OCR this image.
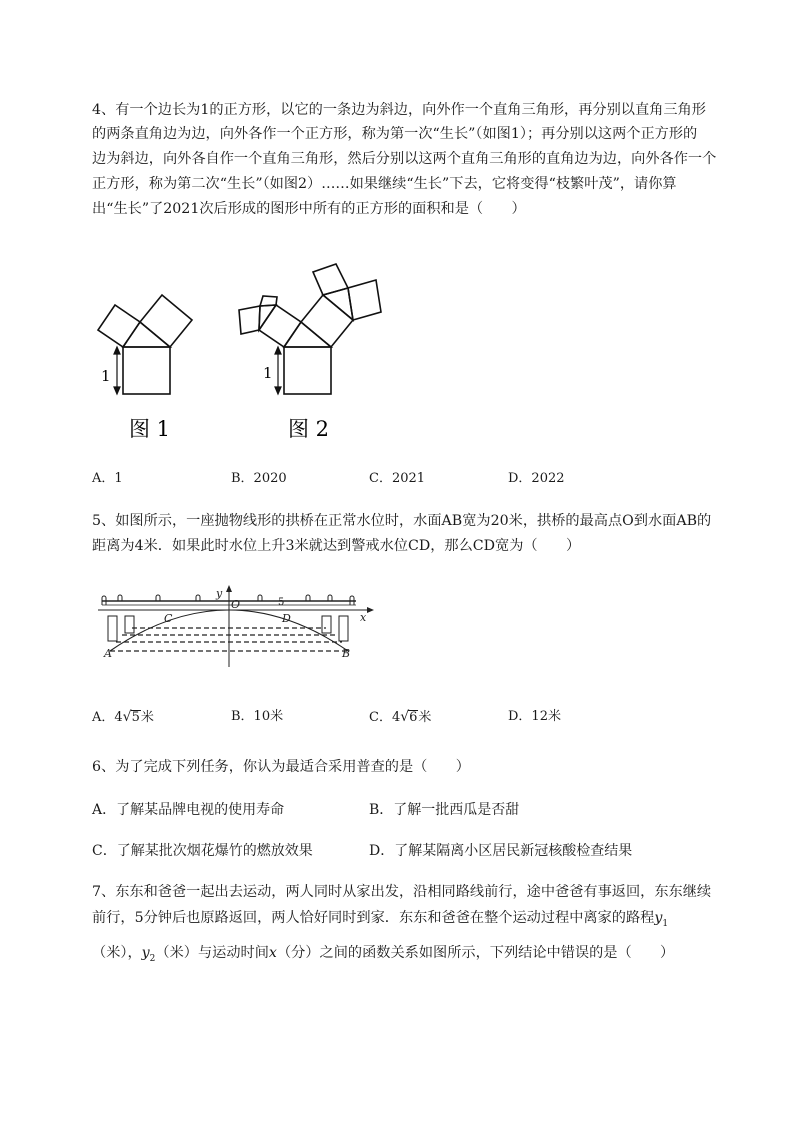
4、有一个边长为1的正方形，以它的一条边为斜边，向外作一个直角三角形，再分别以直角三角形
的两条直角边为边，向外各作一个正方形，称为第一次“生长”（如图1）；再分别以这两个正方形的
边为斜边，向外各自作一个直角三角形，然后分别以这两个直角三角形的直角边为边，向外各作一个
正方形，称为第二次“生长”（如图2）……如果继续“生长”下去，它将变得“枝繁叶茂”，请你算
出“生长”了2021次后形成的图形中所有的正方形的面积和是（　　）
1
图 1
1
图 2
A．1	B．2020	C．2021	D．2022
5、如图所示，一座抛物线形的拱桥在正常水位时，水面AB宽为20米，拱桥的最高点O到水面AB的
距离为4米．如果此时水位上升3米就达到警戒水位CD，那么CD宽为（　　）
y
x
O
C	D
A	B
5
A．4√5米	B．10米	C．4√6米	D．12米
6、为了完成下列任务，你认为最适合采用普查的是（　　）
A．了解某品牌电视的使用寿命	B．了解一批西瓜是否甜
C．了解某批次烟花爆竹的燃放效果	D．了解某隔离小区居民新冠核酸检查结果
7、东东和爸爸一起出去运动，两人同时从家出发，沿相同路线前行，途中爸爸有事返回，东东继续
前行，5分钟后也原路返回，两人恰好同时到家．东东和爸爸在整个运动过程中离家的路程$y_1$
（米），$y_2$（米）与运动时间x（分）之间的函数关系如图所示，下列结论中错误的是（　　）
